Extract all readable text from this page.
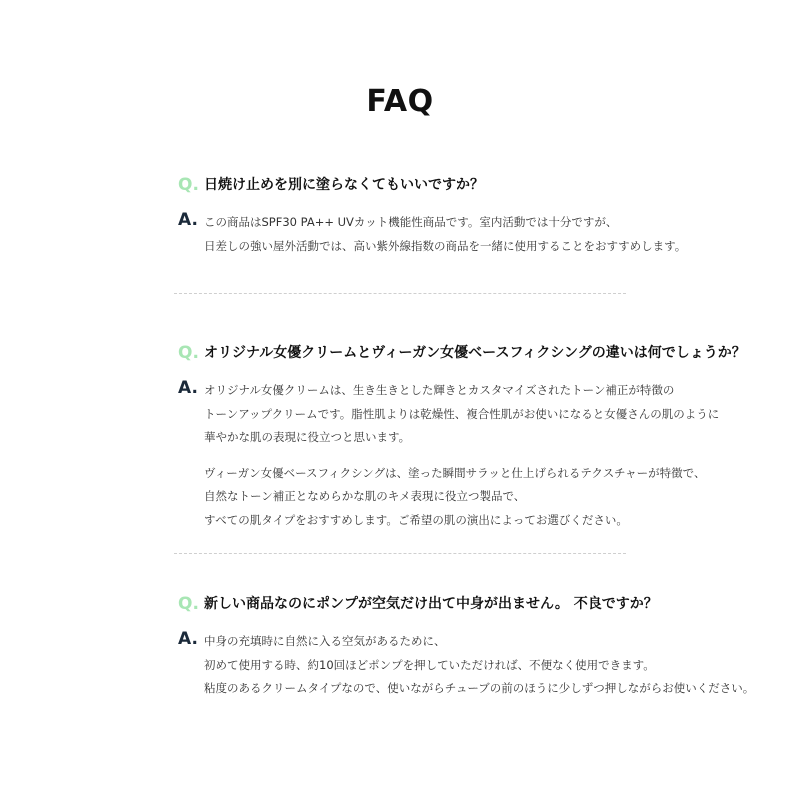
FAQ
Q. 日焼け止めを別に塗らなくてもいいですか？
A. この商品はSPF30 PA++ UVカット機能性商品です。室内活動では十分ですが、
日差しの強い屋外活動では、高い紫外線指数の商品を一緒に使用することをおすすめします。
Q. オリジナル女優クリームとヴィーガン女優ベースフィクシングの違いは何でしょうか？
A. オリジナル女優クリームは、生き生きとした輝きとカスタマイズされたトーン補正が特徴の
トーンアップクリームです。脂性肌よりは乾燥性、複合性肌がお使いになると女優さんの肌のように
華やかな肌の表現に役立つと思います。
ヴィーガン女優ベースフィクシングは、塗った瞬間サラッと仕上げられるテクスチャーが特徴で、
自然なトーン補正となめらかな肌のキメ表現に役立つ製品で、
すべての肌タイプをおすすめします。ご希望の肌の演出によってお選びください。
Q. 新しい商品なのにポンプが空気だけ出て中身が出ません。 不良ですか？
A. 中身の充填時に自然に入る空気があるために、
初めて使用する時、約10回ほどポンプを押していただければ、不便なく使用できます。
粘度のあるクリームタイプなので、使いながらチューブの前のほうに少しずつ押しながらお使いください。
